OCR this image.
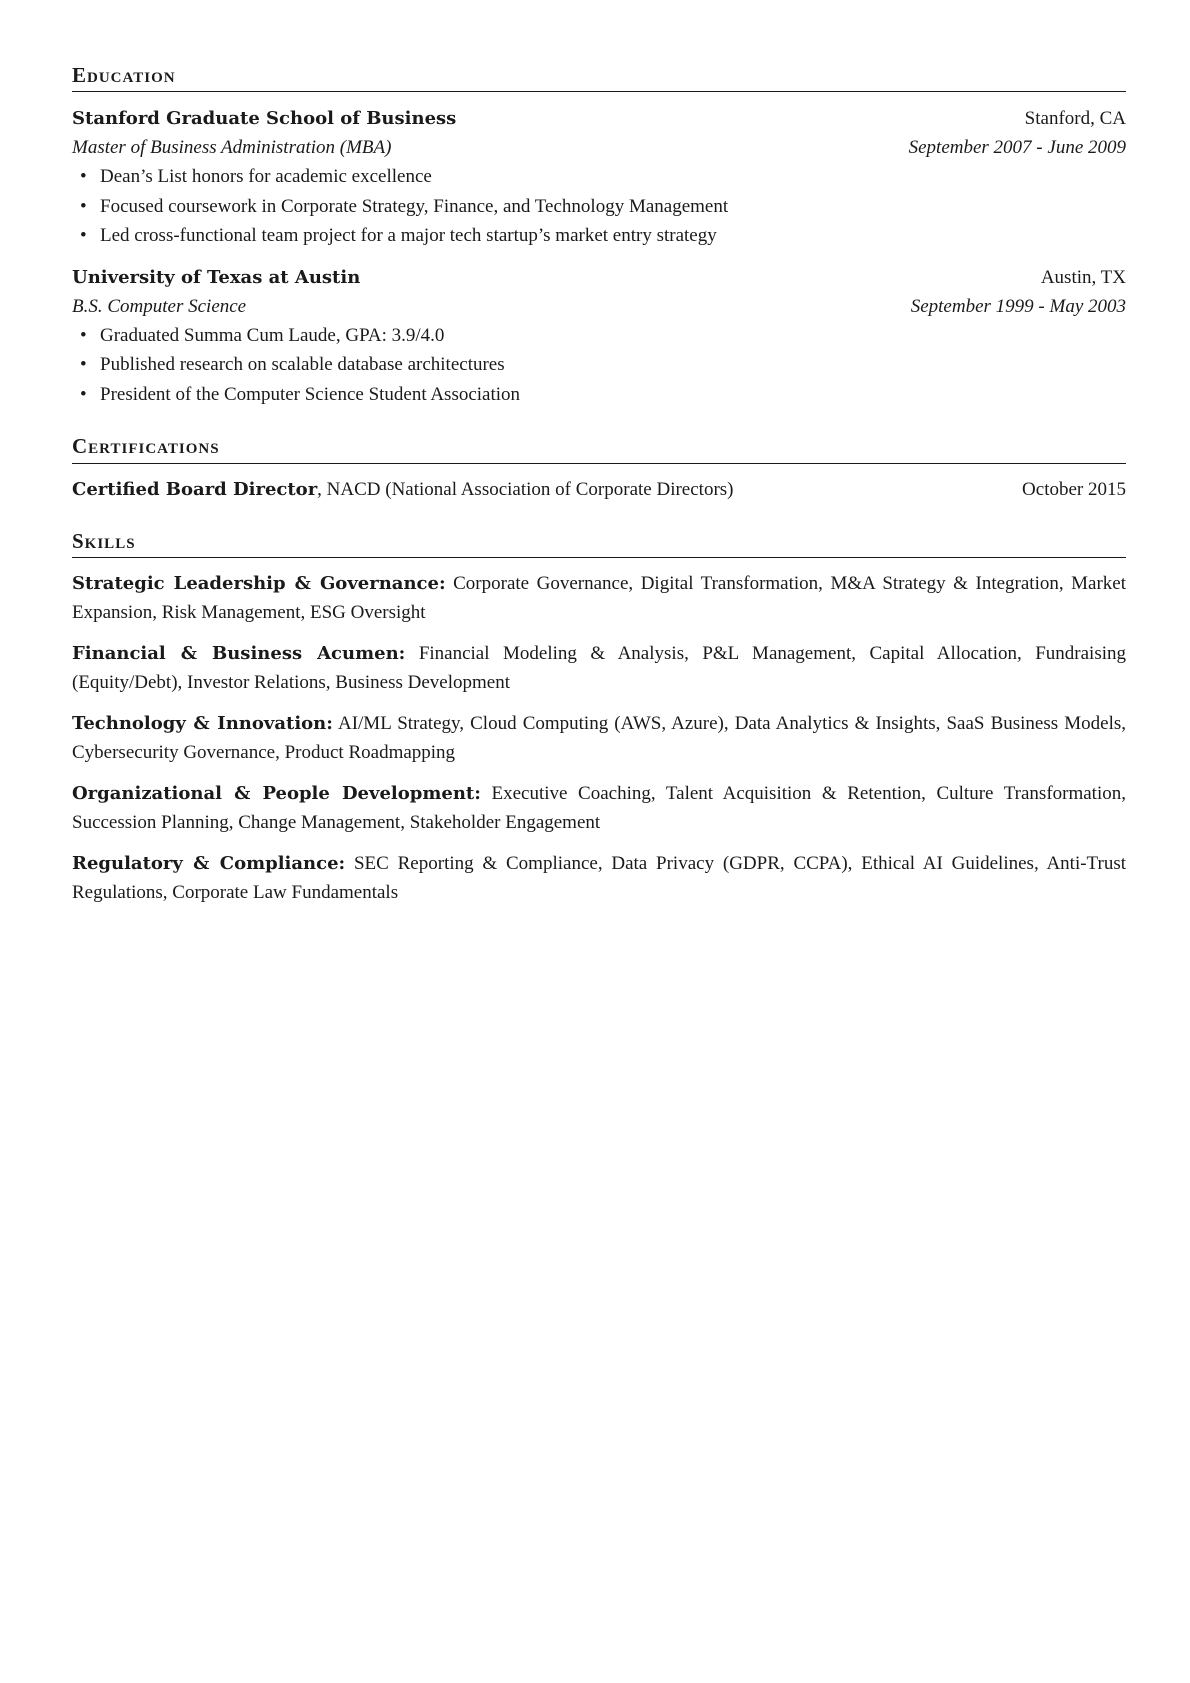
Education
Stanford Graduate School of Business	Stanford, CA
Master of Business Administration (MBA)	September 2007 - June 2009
• Dean’s List honors for academic excellence
• Focused coursework in Corporate Strategy, Finance, and Technology Management
• Led cross-functional team project for a major tech startup’s market entry strategy
University of Texas at Austin	Austin, TX
B.S. Computer Science	September 1999 - May 2003
• Graduated Summa Cum Laude, GPA: 3.9/4.0
• Published research on scalable database architectures
• President of the Computer Science Student Association
Certifications
Certified Board Director, NACD (National Association of Corporate Directors)	October 2015
Skills
Strategic Leadership & Governance: Corporate Governance, Digital Transformation, M&A Strategy & Integration, Market Expansion, Risk Management, ESG Oversight
Financial & Business Acumen: Financial Modeling & Analysis, P&L Management, Capital Allocation, Fundraising (Equity/Debt), Investor Relations, Business Development
Technology & Innovation: AI/ML Strategy, Cloud Computing (AWS, Azure), Data Analytics & Insights, SaaS Business Models, Cybersecurity Governance, Product Roadmapping
Organizational & People Development: Executive Coaching, Talent Acquisition & Retention, Culture Transformation, Succession Planning, Change Management, Stakeholder Engagement
Regulatory & Compliance: SEC Reporting & Compliance, Data Privacy (GDPR, CCPA), Ethical AI Guidelines, Anti-Trust Regulations, Corporate Law Fundamentals
